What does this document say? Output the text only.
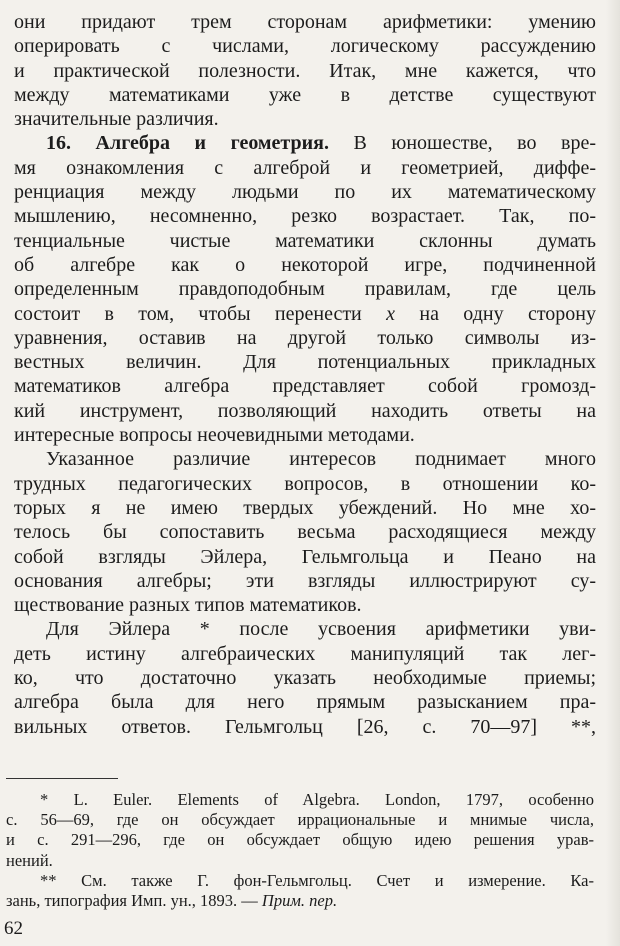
они придают трем сторонам арифметики: умению
оперировать с числами, логическому рассуждению
и практической полезности. Итак, мне кажется, что
между математиками уже в детстве существуют
значительные различия.
16. Алгебра и геометрия. В юношестве, во вре-
мя ознакомления с алгеброй и геометрией, диффе-
ренциация между людьми по их математическому
мышлению, несомненно, резко возрастает. Так, по-
тенциальные чистые математики склонны думать
об алгебре как о некоторой игре, подчиненной
определенным правдоподобным правилам, где цель
состоит в том, чтобы перенести x на одну сторону
уравнения, оставив на другой только символы из-
вестных величин. Для потенциальных прикладных
математиков алгебра представляет собой громозд-
кий инструмент, позволяющий находить ответы на
интересные вопросы неочевидными методами.
Указанное различие интересов поднимает много
трудных педагогических вопросов, в отношении ко-
торых я не имею твердых убеждений. Но мне хо-
телось бы сопоставить весьма расходящиеся между
собой взгляды Эйлера, Гельмгольца и Пеано на
основания алгебры; эти взгляды иллюстрируют су-
ществование разных типов математиков.
Для Эйлера * после усвоения арифметики уви-
деть истину алгебраических манипуляций так лег-
ко, что достаточно указать необходимые приемы;
алгебра была для него прямым разысканием пра-
вильных ответов. Гельмгольц [26, с. 70—97] **,
* L. Euler. Elements of Algebra. London, 1797, особенно
с. 56—69, где он обсуждает иррациональные и мнимые числа,
и с. 291—296, где он обсуждает общую идею решения урав-
нений.
** См. также Г. фон-Гельмгольц. Счет и измерение. Ка-
зань, типография Имп. ун., 1893. — Прим. пер.
62
